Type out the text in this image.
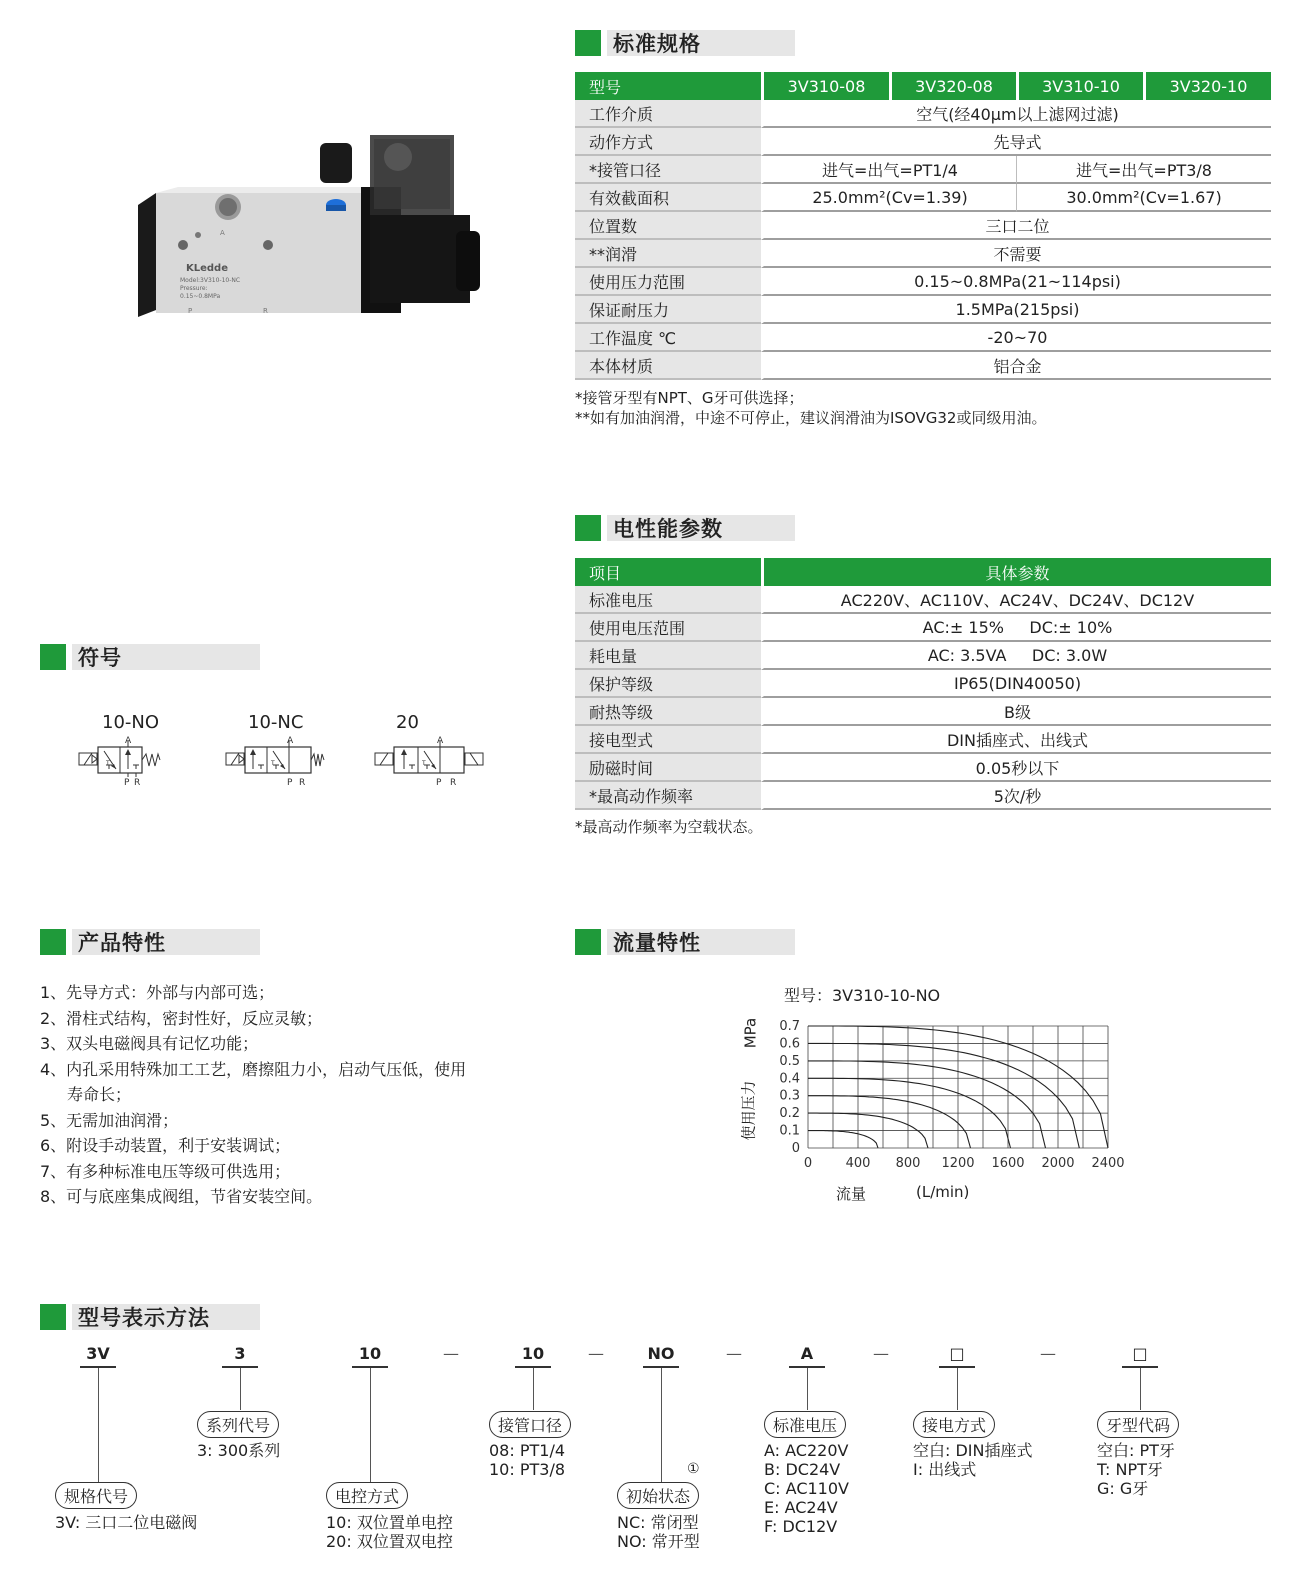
KLedde
Model:3V310-10-NC
Pressure:
0.15~0.8MPa
A
P	R
标准规格
型号	3V310-08	3V320-08	3V310-10	3V320-10
工作介质	空气(经40μm以上滤网过滤)			
动作方式	先导式			
*接管口径	进气=出气=PT1/4		进气=出气=PT3/8	
有效截面积	25.0mm²(Cv=1.39)		30.0mm²(Cv=1.67)	
位置数	三口二位			
**润滑	不需要			
使用压力范围	0.15~0.8MPa(21~114psi)			
保证耐压力	1.5MPa(215psi)			
工作温度 ℃	-20~70			
本体材质	铝合金			
*接管牙型有NPT、G牙可供选择；
**如有加油润滑，中途不可停止，建议润滑油为ISOVG32或同级用油。
电性能参数
项目	具体参数
标准电压	AC220V、AC110V、AC24V、DC24V、DC12V
使用电压范围	AC:± 15%     DC:± 10%
耗电量	AC: 3.5VA     DC: 3.0W
保护等级	IP65(DIN40050)
耐热等级	B级
接电型式	DIN插座式、出线式
励磁时间	0.05秒以下
*最高动作频率	5次/秒
*最高动作频率为空载状态。
符号
10-NO	10-NC	20
A
T
P R
A
T
P R
A
T
P R
产品特性
1、先导方式：外部与内部可选；
2、滑柱式结构，密封性好，反应灵敏；
3、双头电磁阀具有记忆功能；
4、内孔采用特殊加工工艺，磨擦阻力小，启动气压低，使用
寿命长；
5、无需加油润滑；
6、附设手动装置，利于安装调试；
7、有多种标准电压等级可供选用；
8、可与底座集成阀组，节省安装空间。
流量特性
型号：3V310-10-NO
0
0.1
0.2
0.3
0.4
0.5
0.6
0.7
0	400 800 1200 1600 2000 2400
流量	(L/min)
使用压力
MPa
型号表示方法
3V	3	10	10	NO	A	□	□
—	—	—	—	—
规格代号
3V: 三口二位电磁阀
系列代号
3: 300系列
电控方式
10: 双位置单电控
20: 双位置双电控
接管口径
08: PT1/4
10: PT3/8	①
初始状态
NC: 常闭型
NO: 常开型
标准电压
A: AC220V
B: DC24V
C: AC110V
E: AC24V
F: DC12V
接电方式
空白: DIN插座式
I: 出线式
牙型代码
空白: PT牙
T: NPT牙
G: G牙
